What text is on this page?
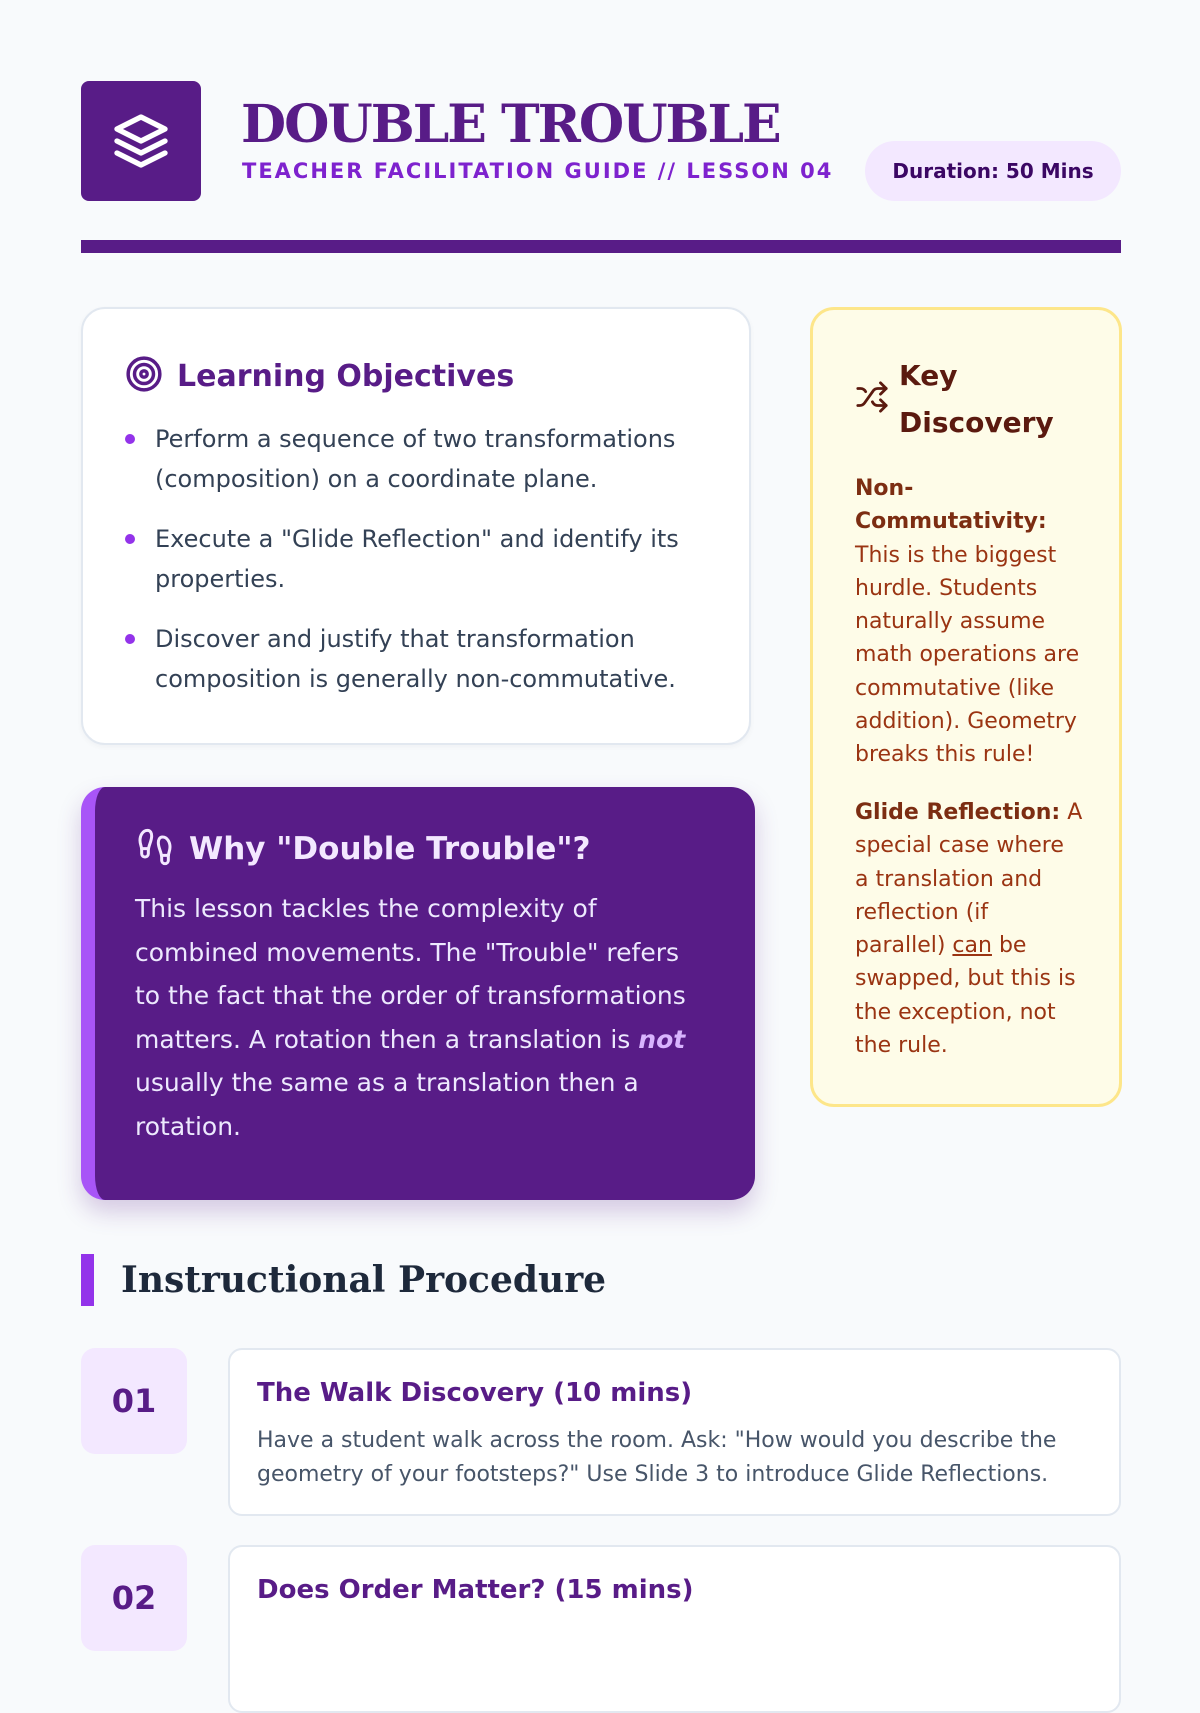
DOUBLE TROUBLE
TEACHER FACILITATION GUIDE // LESSON 04	Duration: 50 Mins
Learning Objectives
Perform a sequence of two transformations (composition) on a coordinate plane.
Execute a "Glide Reflection" and identify its properties.
Discover and justify that transformation composition is generally non-commutative.
Why "Double Trouble"?

This lesson tackles the complexity of combined movements. The "Trouble" refers to the fact that the order of transformations matters. A rotation then a translation is not usually the same as a translation then a rotation.

Key Discovery

Non-Commutativity: This is the biggest hurdle. Students naturally assume math operations are commutative (like addition). Geometry breaks this rule!

Glide Reflection: A special case where a translation and reflection (if parallel) can be swapped, but this is the exception, not the rule.

Instructional Procedure
01	The Walk Discovery (10 mins)

Have a student walk across the room. Ask: "How would you describe the geometry of your footsteps?" Use Slide 3 to introduce Glide Reflections.

02	Does Order Matter? (15 mins)
